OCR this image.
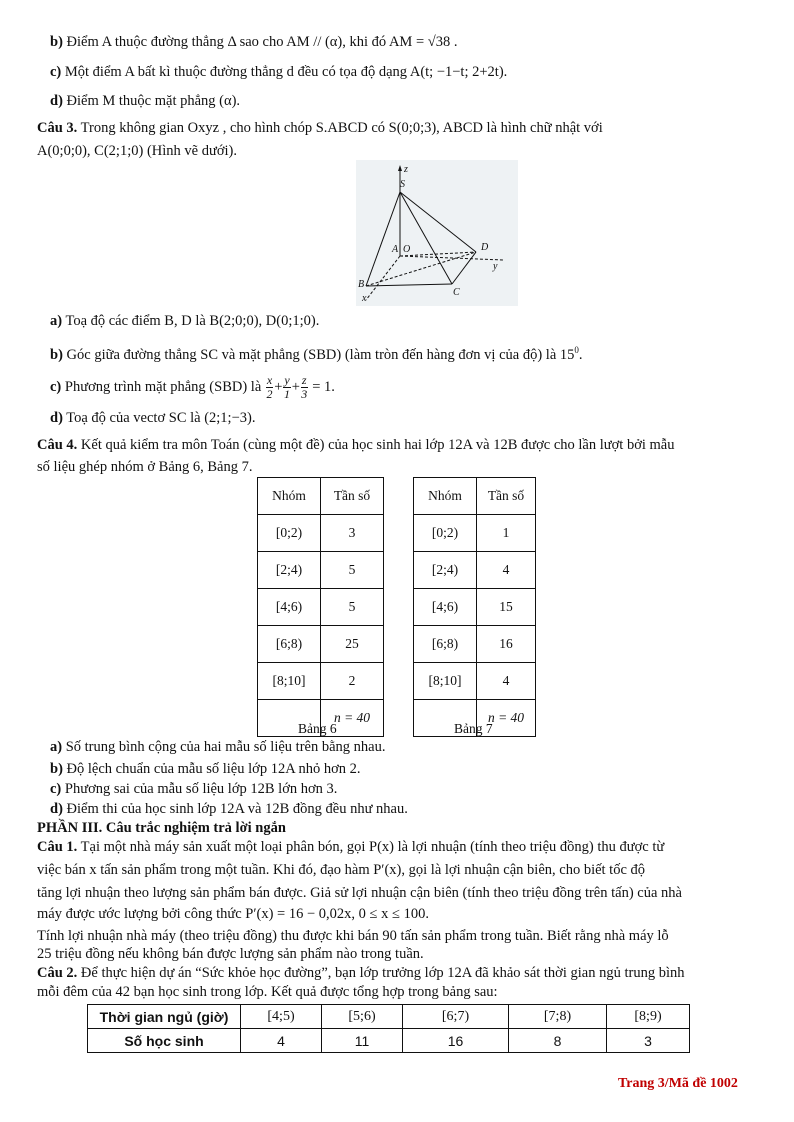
b) Điểm A thuộc đường thẳng Δ sao cho AM // (α), khi đó AM = √38 .
c) Một điểm A bất kì thuộc đường thẳng d đều có tọa độ dạng A(t; −1−t; 2+2t).
d) Điểm M thuộc mặt phẳng (α).
Câu 3. Trong không gian Oxyz , cho hình chóp S.ABCD có S(0;0;3), ABCD là hình chữ nhật với
A(0;0;0), C(2;1;0) (Hình vẽ dưới).
z
S
A O	D
y
B
C
x
a) Toạ độ các điểm B, D là B(2;0;0), D(0;1;0).
b) Góc giữa đường thẳng SC và mặt phẳng (SBD) (làm tròn đến hàng đơn vị của độ) là $15^0$.
c) Phương trình mặt phẳng (SBD) là $\frac{x}{2} + \frac{y}{1} + \frac{z}{3} = 1$.
d) Toạ độ của vectơ SC là (2;1;−3).
Câu 4. Kết quả kiểm tra môn Toán (cùng một đề) của học sinh hai lớp 12A và 12B được cho lần lượt bởi mẫu
số liệu ghép nhóm ở Bảng 6, Bảng 7.
Nhóm	Tần số
[0;2)	3
[2;4)	5
[4;6)	5
[6;8)	25
[8;10]	2
	n = 40
Bảng 6
Nhóm	Tần số
[0;2)	1
[2;4)	4
[4;6)	15
[6;8)	16
[8;10]	4
	n = 40
Bảng 7
a) Số trung bình cộng của hai mẫu số liệu trên bằng nhau.
b) Độ lệch chuẩn của mẫu số liệu lớp 12A nhỏ hơn 2.
c) Phương sai của mẫu số liệu lớp 12B lớn hơn 3.
d) Điểm thi của học sinh lớp 12A và 12B đồng đều như nhau.
PHẦN III. Câu trắc nghiệm trả lời ngắn
Câu 1. Tại một nhà máy sản xuất một loại phân bón, gọi P(x) là lợi nhuận (tính theo triệu đồng) thu được từ
việc bán x tấn sản phẩm trong một tuần. Khi đó, đạo hàm P′(x), gọi là lợi nhuận cận biên, cho biết tốc độ
tăng lợi nhuận theo lượng sản phẩm bán được. Giả sử lợi nhuận cận biên (tính theo triệu đồng trên tấn) của nhà
máy được ước lượng bởi công thức P′(x) = 16 − 0,02x, 0 ≤ x ≤ 100.
Tính lợi nhuận nhà máy (theo triệu đồng) thu được khi bán 90 tấn sản phẩm trong tuần. Biết rằng nhà máy lỗ
25 triệu đồng nếu không bán được lượng sản phẩm nào trong tuần.
Câu 2. Để thực hiện dự án “Sức khỏe học đường”, bạn lớp trưởng lớp 12A đã khảo sát thời gian ngủ trung bình
mỗi đêm của 42 bạn học sinh trong lớp. Kết quả được tổng hợp trong bảng sau:
Thời gian ngủ (giờ)	[4;5)	[5;6)	[6;7)	[7;8)	[8;9)
Số học sinh	4	11	16	8	3
Trang 3/Mã đề 1002
